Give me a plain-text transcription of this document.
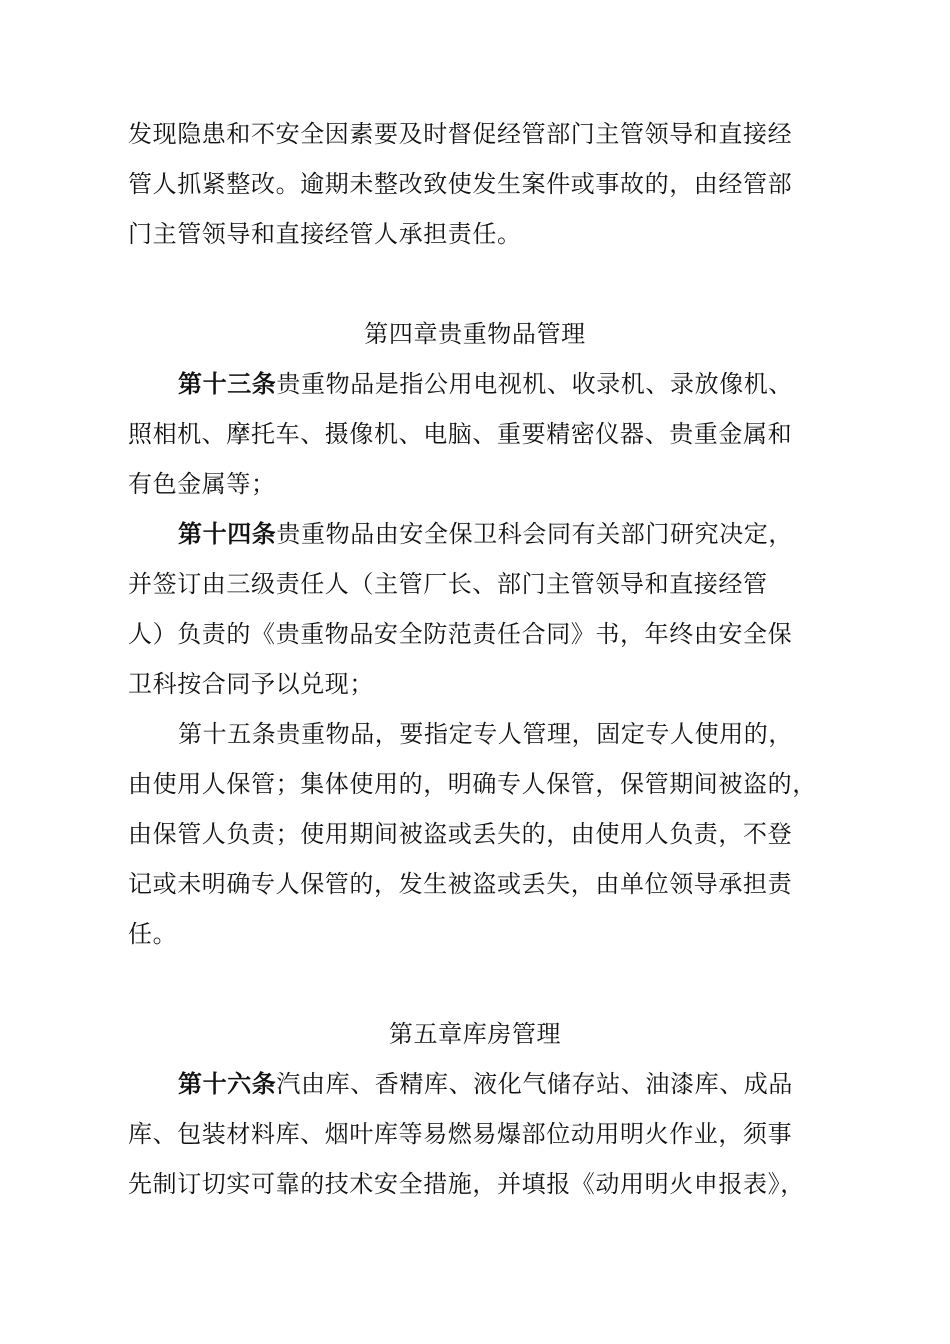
发现隐患和不安全因素要及时督促经管部门主管领导和直接经
管人抓紧整改。逾期未整改致使发生案件或事故的，由经管部
门主管领导和直接经管人承担责任。
第四章贵重物品管理
第十三条贵重物品是指公用电视机、收录机、录放像机、
照相机、摩托车、摄像机、电脑、重要精密仪器、贵重金属和
有色金属等；
第十四条贵重物品由安全保卫科会同有关部门研究决定，
并签订由三级责任人（主管厂长、部门主管领导和直接经管
人）负责的《贵重物品安全防范责任合同》书，年终由安全保
卫科按合同予以兑现；
第十五条贵重物品，要指定专人管理，固定专人使用的，
由使用人保管；集体使用的，明确专人保管，保管期间被盗的，
由保管人负责；使用期间被盗或丢失的，由使用人负责，不登
记或未明确专人保管的，发生被盗或丢失，由单位领导承担责
任。
第五章库房管理
第十六条汽由库、香精库、液化气储存站、油漆库、成品
库、包装材料库、烟叶库等易燃易爆部位动用明火作业，须事
先制订切实可靠的技术安全措施，并填报《动用明火申报表》，
